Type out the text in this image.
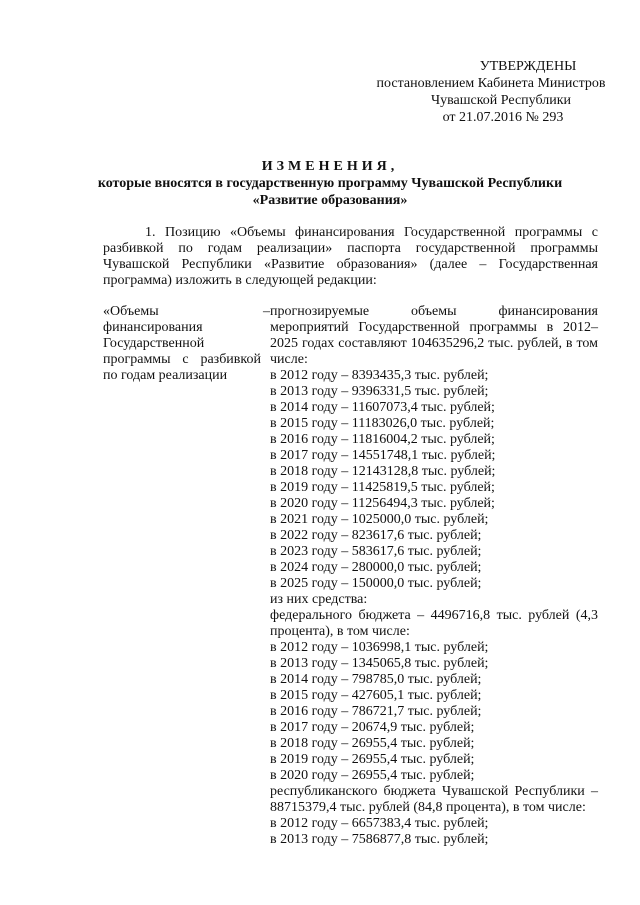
УТВЕРЖДЕНЫ
постановлением Кабинета Министров
Чувашской Республики
от 21.07.2016 № 293
ИЗМЕНЕНИЯ,
которые вносятся в государственную программу Чувашской Республики
«Развитие образования»
1. Позицию «Объемы финансирования Государственной программы с разбивкой по годам реализации» паспорта государственной программы Чувашской Республики «Развитие образования» (далее – Государственная программа) изложить в следующей редакции:
«Объемы финансирования Государственной программы с разбивкой по годам реализации
– прогнозируемые объемы финансирования мероприятий Государственной программы в 2012–2025 годах составляют 104635296,2 тыс. рублей, в том числе:
в 2012 году – 8393435,3 тыс. рублей;
в 2013 году – 9396331,5 тыс. рублей;
в 2014 году – 11607073,4 тыс. рублей;
в 2015 году – 11183026,0 тыс. рублей;
в 2016 году – 11816004,2 тыс. рублей;
в 2017 году – 14551748,1 тыс. рублей;
в 2018 году – 12143128,8 тыс. рублей;
в 2019 году – 11425819,5 тыс. рублей;
в 2020 году – 11256494,3 тыс. рублей;
в 2021 году – 1025000,0 тыс. рублей;
в 2022 году – 823617,6 тыс. рублей;
в 2023 году – 583617,6 тыс. рублей;
в 2024 году – 280000,0 тыс. рублей;
в 2025 году – 150000,0 тыс. рублей;
из них средства:
федерального бюджета – 4496716,8 тыс. рублей (4,3 процента), в том числе:
в 2012 году – 1036998,1 тыс. рублей;
в 2013 году – 1345065,8 тыс. рублей;
в 2014 году – 798785,0 тыс. рублей;
в 2015 году – 427605,1 тыс. рублей;
в 2016 году – 786721,7 тыс. рублей;
в 2017 году – 20674,9 тыс. рублей;
в 2018 году – 26955,4 тыс. рублей;
в 2019 году – 26955,4 тыс. рублей;
в 2020 году – 26955,4 тыс. рублей;
республиканского бюджета Чувашской Республики – 88715379,4 тыс. рублей (84,8 процента), в том числе:
в 2012 году – 6657383,4 тыс. рублей;
в 2013 году – 7586877,8 тыс. рублей;
